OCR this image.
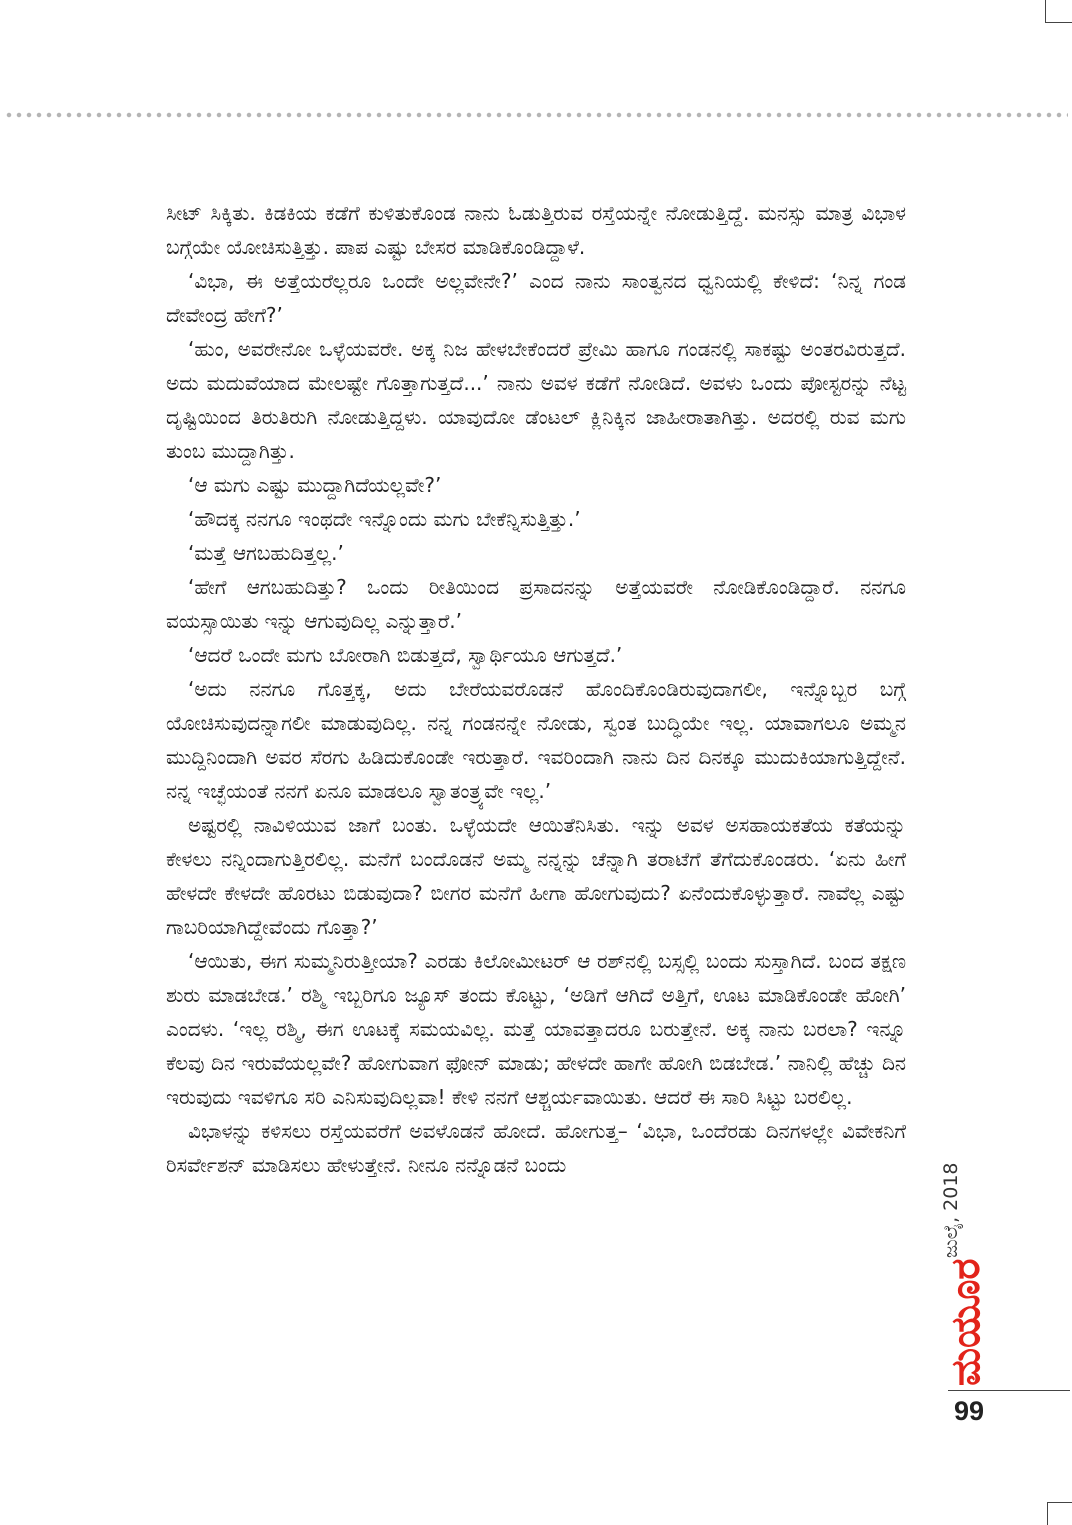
ಸೀಟ್ ಸಿಕ್ಕಿತು. ಕಿಡಕಿಯ ಕಡೆಗೆ ಕುಳಿತುಕೊಂಡ ನಾನು ಓಡುತ್ತಿರುವ ರಸ್ತೆಯನ್ನೇ ನೋಡುತ್ತಿದ್ದೆ. ಮನಸ್ಸು ಮಾತ್ರ ವಿಭಾಳ ಬಗ್ಗೆಯೇ ಯೋಚಿಸುತ್ತಿತ್ತು. ಪಾಪ ಎಷ್ಟು ಬೇಸರ ಮಾಡಿಕೊಂಡಿದ್ದಾಳೆ.

‘ವಿಭಾ, ಈ ಅತ್ತೆಯರೆಲ್ಲರೂ ಒಂದೇ ಅಲ್ಲವೇನೇ?’ ಎಂದ ನಾನು ಸಾಂತ್ವನದ ಧ್ವನಿಯಲ್ಲಿ ಕೇಳಿದೆ: ‘ನಿನ್ನ ಗಂಡ ದೇವೇಂದ್ರ ಹೇಗೆ?’

‘ಹುಂ, ಅವರೇನೋ ಒಳ್ಳೆಯವರೇ. ಅಕ್ಕ ನಿಜ ಹೇಳಬೇಕೆಂದರೆ ಪ್ರೇಮಿ ಹಾಗೂ ಗಂಡನಲ್ಲಿ ಸಾಕಷ್ಟು ಅಂತರವಿರುತ್ತದೆ. ಅದು ಮದುವೆಯಾದ ಮೇಲಷ್ಟೇ ಗೊತ್ತಾಗುತ್ತದೆ...’ ನಾನು ಅವಳ ಕಡೆಗೆ ನೋಡಿದೆ. ಅವಳು ಒಂದು ಪೋಸ್ಟರನ್ನು ನೆಟ್ಟ ದೃಷ್ಟಿಯಿಂದ ತಿರುತಿರುಗಿ ನೋಡುತ್ತಿದ್ದಳು. ಯಾವುದೋ ಡೆಂಟಲ್ ಕ್ಲಿನಿಕ್ಕಿನ ಜಾಹೀರಾತಾಗಿತ್ತು. ಅದರಲ್ಲಿ ರುವ ಮಗು ತುಂಬ ಮುದ್ದಾಗಿತ್ತು.

‘ಆ ಮಗು ಎಷ್ಟು ಮುದ್ದಾಗಿದೆಯಲ್ಲವೇ?’

‘ಹೌದಕ್ಕ ನನಗೂ ಇಂಥದೇ ಇನ್ನೊಂದು ಮಗು ಬೇಕೆನ್ನಿಸುತ್ತಿತ್ತು.’

‘ಮತ್ತೆ ಆಗಬಹುದಿತ್ತಲ್ಲ.’

‘ಹೇಗೆ ಆಗಬಹುದಿತ್ತು? ಒಂದು ರೀತಿಯಿಂದ ಪ್ರಸಾದನನ್ನು ಅತ್ತೆಯವರೇ ನೋಡಿಕೊಂಡಿದ್ದಾರೆ. ನನಗೂ ವಯಸ್ಸಾಯಿತು ಇನ್ನು ಆಗುವುದಿಲ್ಲ ಎನ್ನುತ್ತಾರೆ.’

‘ಆದರೆ ಒಂದೇ ಮಗು ಬೋರಾಗಿ ಬಿಡುತ್ತದೆ, ಸ್ವಾರ್ಥಿಯೂ ಆಗುತ್ತದೆ.’

‘ಅದು ನನಗೂ ಗೊತ್ತಕ್ಕ, ಅದು ಬೇರೆಯವರೊಡನೆ ಹೊಂದಿಕೊಂಡಿರುವುದಾಗಲೀ, ಇನ್ನೊಬ್ಬರ ಬಗ್ಗೆ ಯೋಚಿಸುವುದನ್ನಾಗಲೀ ಮಾಡುವುದಿಲ್ಲ. ನನ್ನ ಗಂಡನನ್ನೇ ನೋಡು, ಸ್ವಂತ ಬುದ್ಧಿಯೇ ಇಲ್ಲ. ಯಾವಾಗಲೂ ಅಮ್ಮನ ಮುದ್ದಿನಿಂದಾಗಿ ಅವರ ಸೆರಗು ಹಿಡಿದುಕೊಂಡೇ ಇರುತ್ತಾರೆ. ಇವರಿಂದಾಗಿ ನಾನು ದಿನ ದಿನಕ್ಕೂ ಮುದುಕಿಯಾಗುತ್ತಿದ್ದೇನೆ. ನನ್ನ ಇಚ್ಛೆಯಂತೆ ನನಗೆ ಏನೂ ಮಾಡಲೂ ಸ್ವಾತಂತ್ರ್ಯವೇ ಇಲ್ಲ.’

ಅಷ್ಟರಲ್ಲಿ ನಾವಿಳಿಯುವ ಜಾಗೆ ಬಂತು. ಒಳ್ಳೆಯದೇ ಆಯಿತೆನಿಸಿತು. ಇನ್ನು ಅವಳ ಅಸಹಾಯಕತೆಯ ಕತೆಯನ್ನು ಕೇಳಲು ನನ್ನಿಂದಾಗುತ್ತಿರಲಿಲ್ಲ. ಮನೆಗೆ ಬಂದೊಡನೆ ಅಮ್ಮ ನನ್ನನ್ನು ಚೆನ್ನಾಗಿ ತರಾಟೆಗೆ ತೆಗೆದುಕೊಂಡರು. ‘ಏನು ಹೀಗೆ ಹೇಳದೇ ಕೇಳದೇ ಹೊರಟು ಬಿಡುವುದಾ? ಬೀಗರ ಮನೆಗೆ ಹೀಗಾ ಹೋಗುವುದು? ಏನೆಂದುಕೊಳ್ಳುತ್ತಾರೆ. ನಾವೆಲ್ಲ ಎಷ್ಟು ಗಾಬರಿಯಾಗಿದ್ದೇವೆಂದು ಗೊತ್ತಾ?’

‘ಆಯಿತು, ಈಗ ಸುಮ್ಮನಿರುತ್ತೀಯಾ? ಎರಡು ಕಿಲೋಮೀಟರ್ ಆ ರಶ್‌ನಲ್ಲಿ ಬಸ್ಸಲ್ಲಿ ಬಂದು ಸುಸ್ತಾಗಿದೆ. ಬಂದ ತಕ್ಷಣ ಶುರು ಮಾಡಬೇಡ.’ ರಶ್ಮಿ ಇಬ್ಬರಿಗೂ ಜ್ಯೂಸ್ ತಂದು ಕೊಟ್ಟು, ‘ಅಡಿಗೆ ಆಗಿದೆ ಅತ್ತಿಗೆ, ಊಟ ಮಾಡಿಕೊಂಡೇ ಹೋಗಿ’ ಎಂದಳು. ‘ಇಲ್ಲ ರಶ್ಮಿ, ಈಗ ಊಟಕ್ಕೆ ಸಮಯವಿಲ್ಲ. ಮತ್ತೆ ಯಾವತ್ತಾದರೂ ಬರುತ್ತೇನೆ. ಅಕ್ಕ ನಾನು ಬರಲಾ? ಇನ್ನೂ ಕೆಲವು ದಿನ ಇರುವೆಯಲ್ಲವೇ? ಹೋಗುವಾಗ ಫೋನ್ ಮಾಡು; ಹೇಳದೇ ಹಾಗೇ ಹೋಗಿ ಬಿಡಬೇಡ.’ ನಾನಿಲ್ಲಿ ಹೆಚ್ಚು ದಿನ ಇರುವುದು ಇವಳಿಗೂ ಸರಿ ಎನಿಸುವುದಿಲ್ಲವಾ! ಕೇಳಿ ನನಗೆ ಆಶ್ಚರ್ಯವಾಯಿತು. ಆದರೆ ಈ ಸಾರಿ ಸಿಟ್ಟು ಬರಲಿಲ್ಲ.

ವಿಭಾಳನ್ನು ಕಳಿಸಲು ರಸ್ತೆಯವರೆಗೆ ಅವಳೊಡನೆ ಹೋದೆ. ಹೋಗುತ್ತ– ‘ವಿಭಾ, ಒಂದೆರಡು ದಿನಗಳಲ್ಲೇ ವಿವೇಕನಿಗೆ ರಿಸರ್ವೇಶನ್ ಮಾಡಿಸಲು ಹೇಳುತ್ತೇನೆ. ನೀನೂ ನನ್ನೊಡನೆ ಬಂದು	ಜುಲೈ, 2018
ಮಯೂರ
99
